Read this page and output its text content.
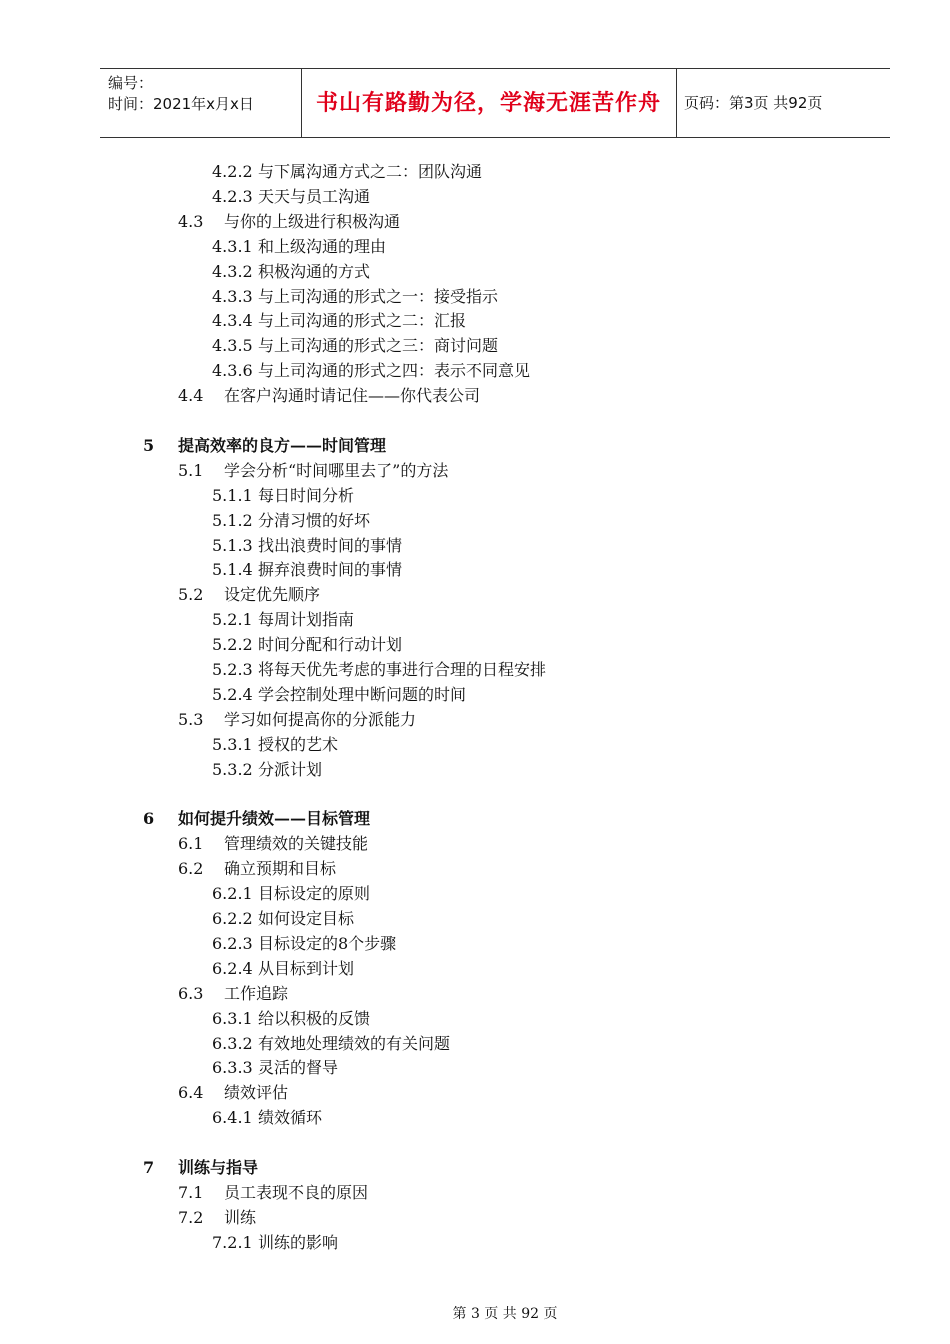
编号：
时间：2021年x月x日	书山有路勤为径，学海无涯苦作舟	页码：第3页 共92页
4.2.2 与下属沟通方式之二：团队沟通
4.2.3 天天与员工沟通
4.3 与你的上级进行积极沟通
4.3.1 和上级沟通的理由
4.3.2 积极沟通的方式
4.3.3 与上司沟通的形式之一：接受指示
4.3.4 与上司沟通的形式之二：汇报
4.3.5 与上司沟通的形式之三：商讨问题
4.3.6 与上司沟通的形式之四：表示不同意见
4.4 在客户沟通时请记住——你代表公司
5 提高效率的良方——时间管理
5.1 学会分析“时间哪里去了”的方法
5.1.1 每日时间分析
5.1.2 分清习惯的好坏
5.1.3 找出浪费时间的事情
5.1.4 摒弃浪费时间的事情
5.2 设定优先顺序
5.2.1 每周计划指南
5.2.2 时间分配和行动计划
5.2.3 将每天优先考虑的事进行合理的日程安排
5.2.4 学会控制处理中断问题的时间
5.3 学习如何提高你的分派能力
5.3.1 授权的艺术
5.3.2 分派计划
6 如何提升绩效——目标管理
6.1 管理绩效的关键技能
6.2 确立预期和目标
6.2.1 目标设定的原则
6.2.2 如何设定目标
6.2.3 目标设定的8个步骤
6.2.4 从目标到计划
6.3 工作追踪
6.3.1 给以积极的反馈
6.3.2 有效地处理绩效的有关问题
6.3.3 灵活的督导
6.4 绩效评估
6.4.1 绩效循环
7 训练与指导
7.1 员工表现不良的原因
7.2 训练
7.2.1 训练的影响
第 3 页 共 92 页
